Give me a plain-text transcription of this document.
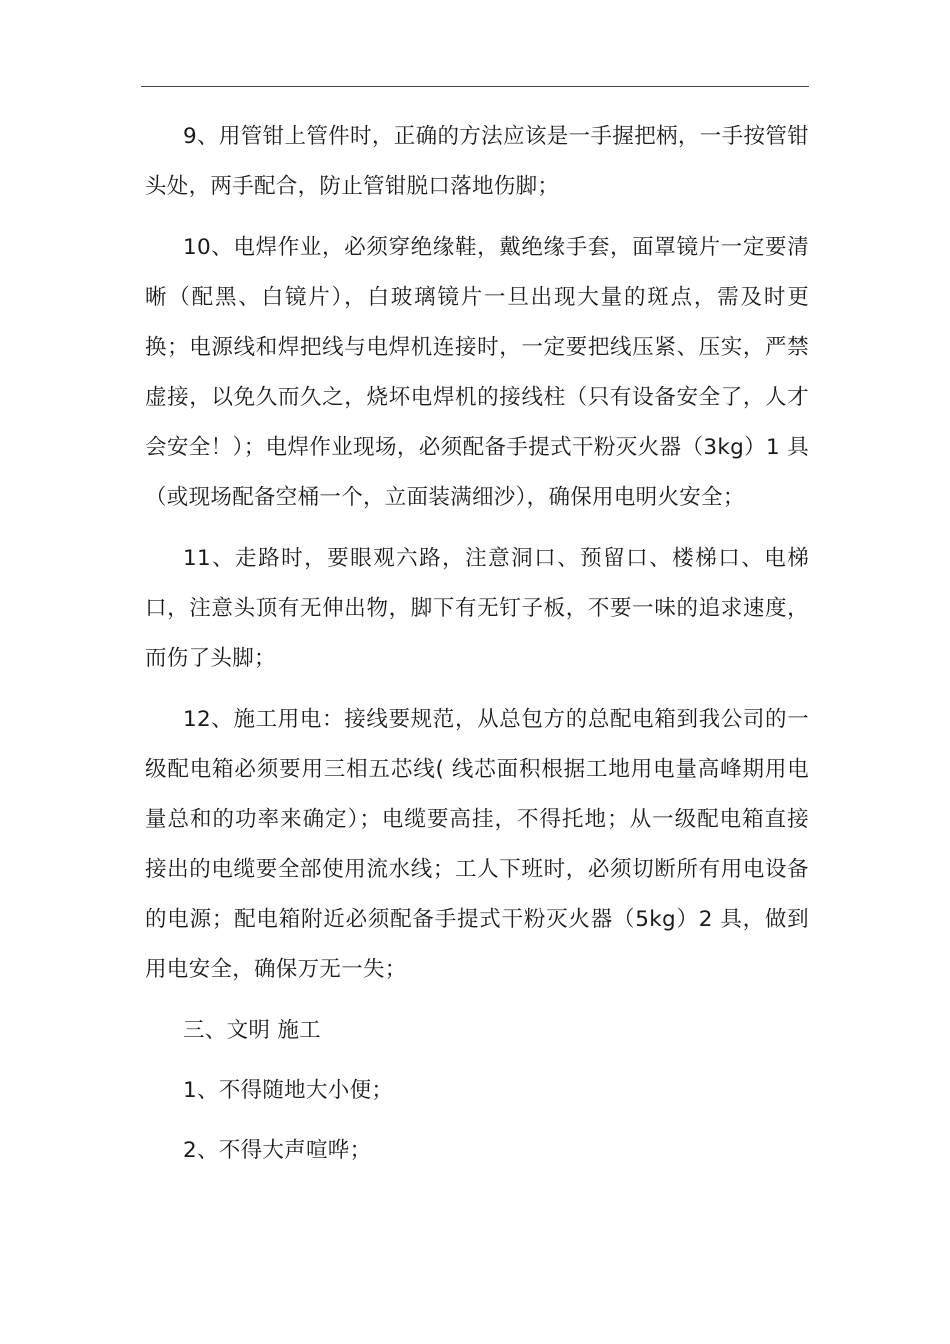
9、用管钳上管件时，正确的方法应该是一手握把柄，一手按管钳头处，两手配合，防止管钳脱口落地伤脚；

10、电焊作业，必须穿绝缘鞋，戴绝缘手套，面罩镜片一定要清晰（配黑、白镜片），白玻璃镜片一旦出现大量的斑点，需及时更换；电源线和焊把线与电焊机连接时，一定要把线压紧、压实，严禁虚接，以免久而久之，烧坏电焊机的接线柱（只有设备安全了，人才会安全！）；电焊作业现场，必须配备手提式干粉灭火器（3kg）1 具（或现场配备空桶一个，立面装满细沙），确保用电明火安全；

11、走路时，要眼观六路，注意洞口、预留口、楼梯口、电梯口，注意头顶有无伸出物，脚下有无钉子板，不要一味的追求速度，而伤了头脚；

12、施工用电：接线要规范，从总包方的总配电箱到我公司的一级配电箱必须要用三相五芯线( 线芯面积根据工地用电量高峰期用电量总和的功率来确定）；电缆要高挂，不得托地；从一级配电箱直接接出的电缆要全部使用流水线；工人下班时，必须切断所有用电设备的电源；配电箱附近必须配备手提式干粉灭火器（5kg）2 具，做到用电安全，确保万无一失；

三、文明 施工

1、不得随地大小便；

2、不得大声喧哗；
